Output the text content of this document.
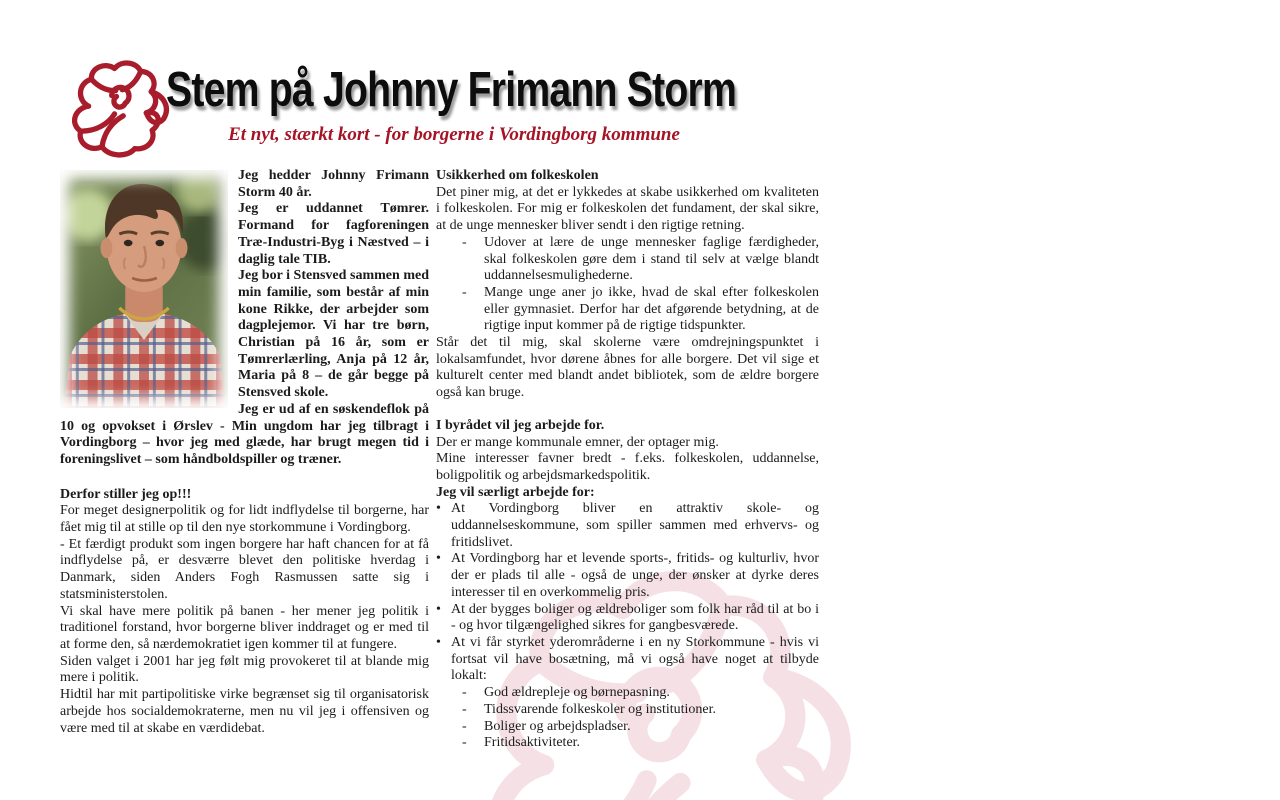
Stem på Johnny Frimann Storm
Et nyt, stærkt kort - for borgerne i Vordingborg kommune

Jeg hedder Johnny Frimann Storm 40 år.

Jeg er uddannet Tømrer. Formand for fagforeningen Træ-Industri-Byg i Næstved – i daglig tale TIB.

Jeg bor i Stensved sammen med min familie, som består af min kone Rikke, der arbejder som dagplejemor. Vi har tre børn, Christian på 16 år, som er Tømrerlærling, Anja på 12 år, Maria på 8 – de går begge på Stensved skole.

Jeg er ud af en søskendeflok på 10 og opvokset i Ørslev - Min ungdom har jeg tilbragt i Vordingborg – hvor jeg med glæde, har brugt megen tid i foreningslivet – som håndboldspiller og træner.

Derfor stiller jeg op!!!

For meget designerpolitik og for lidt indflydelse til borgerne, har fået mig til at stille op til den nye storkommune i Vordingborg.

- Et færdigt produkt som ingen borgere har haft chancen for at få indflydelse på, er desværre blevet den politiske hverdag i Danmark, siden Anders Fogh Rasmussen satte sig i statsministerstolen.

Vi skal have mere politik på banen - her mener jeg politik i traditionel forstand, hvor borgerne bliver inddraget og er med til at forme den, så nærdemokratiet igen kommer til at fungere.

Siden valget i 2001 har jeg følt mig provokeret til at blande mig mere i politik.

Hidtil har mit partipolitiske virke begrænset sig til organisatorisk arbejde hos socialdemokraterne, men nu vil jeg i offensiven og være med til at skabe en værdidebat.

Usikkerhed om folkeskolen

Det piner mig, at det er lykkedes at skabe usikkerhed om kvaliteten i folkeskolen. For mig er folkeskolen det fundament, der skal sikre, at de unge mennesker bliver sendt i den rigtige retning.

-	Udover at lære de unge mennesker faglige færdigheder, skal folkeskolen gøre dem i stand til selv at vælge blandt uddannelsesmulighederne.
-	Mange unge aner jo ikke, hvad de skal efter folkeskolen eller gymnasiet. Derfor har det afgørende betydning, at de rigtige input kommer på de rigtige tidspunkter.

Står det til mig, skal skolerne være omdrejningspunktet i lokalsamfundet, hvor dørene åbnes for alle borgere. Det vil sige et kulturelt center med blandt andet bibliotek, som de ældre borgere også kan bruge.

I byrådet vil jeg arbejde for.

Der er mange kommunale emner, der optager mig.

Mine interesser favner bredt - f.eks. folkeskolen, uddannelse, boligpolitik og arbejdsmarkedspolitik.

Jeg vil særligt arbejde for:

• At Vordingborg bliver en attraktiv skole- og uddannelseskommune, som spiller sammen med erhvervs- og fritidslivet.
• At Vordingborg har et levende sports-, fritids- og kulturliv, hvor der er plads til alle - også de unge, der ønsker at dyrke deres interesser til en overkommelig pris.
• At der bygges boliger og ældreboliger som folk har råd til at bo i - og hvor tilgængelighed sikres for gangbesværede.
• At vi får styrket yderområderne i en ny Storkommune - hvis vi fortsat vil have bosætning, må vi også have noget at tilbyde lokalt:
-	God ældrepleje og børnepasning.
-	Tidssvarende folkeskoler og institutioner.
-	Boliger og arbejdspladser.
-	Fritidsaktiviteter.
